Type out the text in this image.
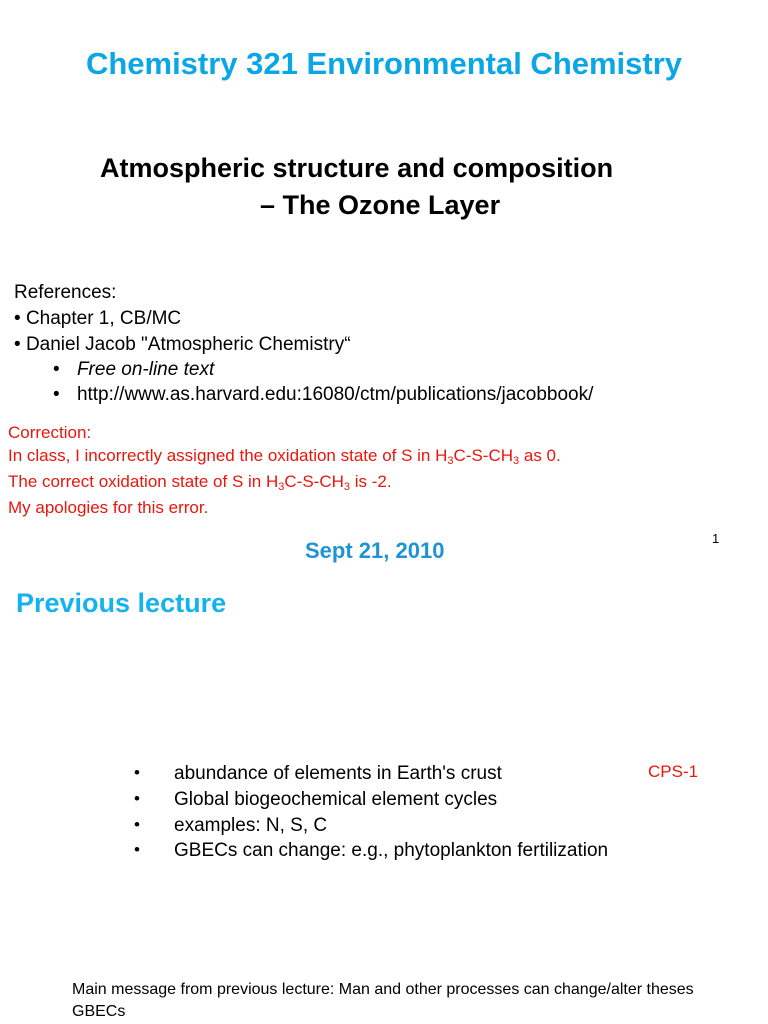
Chemistry 321 Environmental Chemistry
Atmospheric structure and composition
– The Ozone Layer
References:
• Chapter 1, CB/MC
• Daniel Jacob "Atmospheric Chemistry“
• Free on-line text
• http://www.as.harvard.edu:16080/ctm/publications/jacobbook/
Correction:
In class, I incorrectly assigned the oxidation state of S in $H_3C-S-CH_3$ as 0.
The correct oxidation state of S in $H_3C-S-CH_3$ is -2.
My apologies for this error.
Sept 21, 2010	1
Previous lecture
• abundance of elements in Earth's crust
• Global biogeochemical element cycles
• examples: N, S, C
• GBECs can change: e.g., phytoplankton fertilization
CPS-1
Main message from previous lecture: Man and other processes can change/alter theses GBECs
